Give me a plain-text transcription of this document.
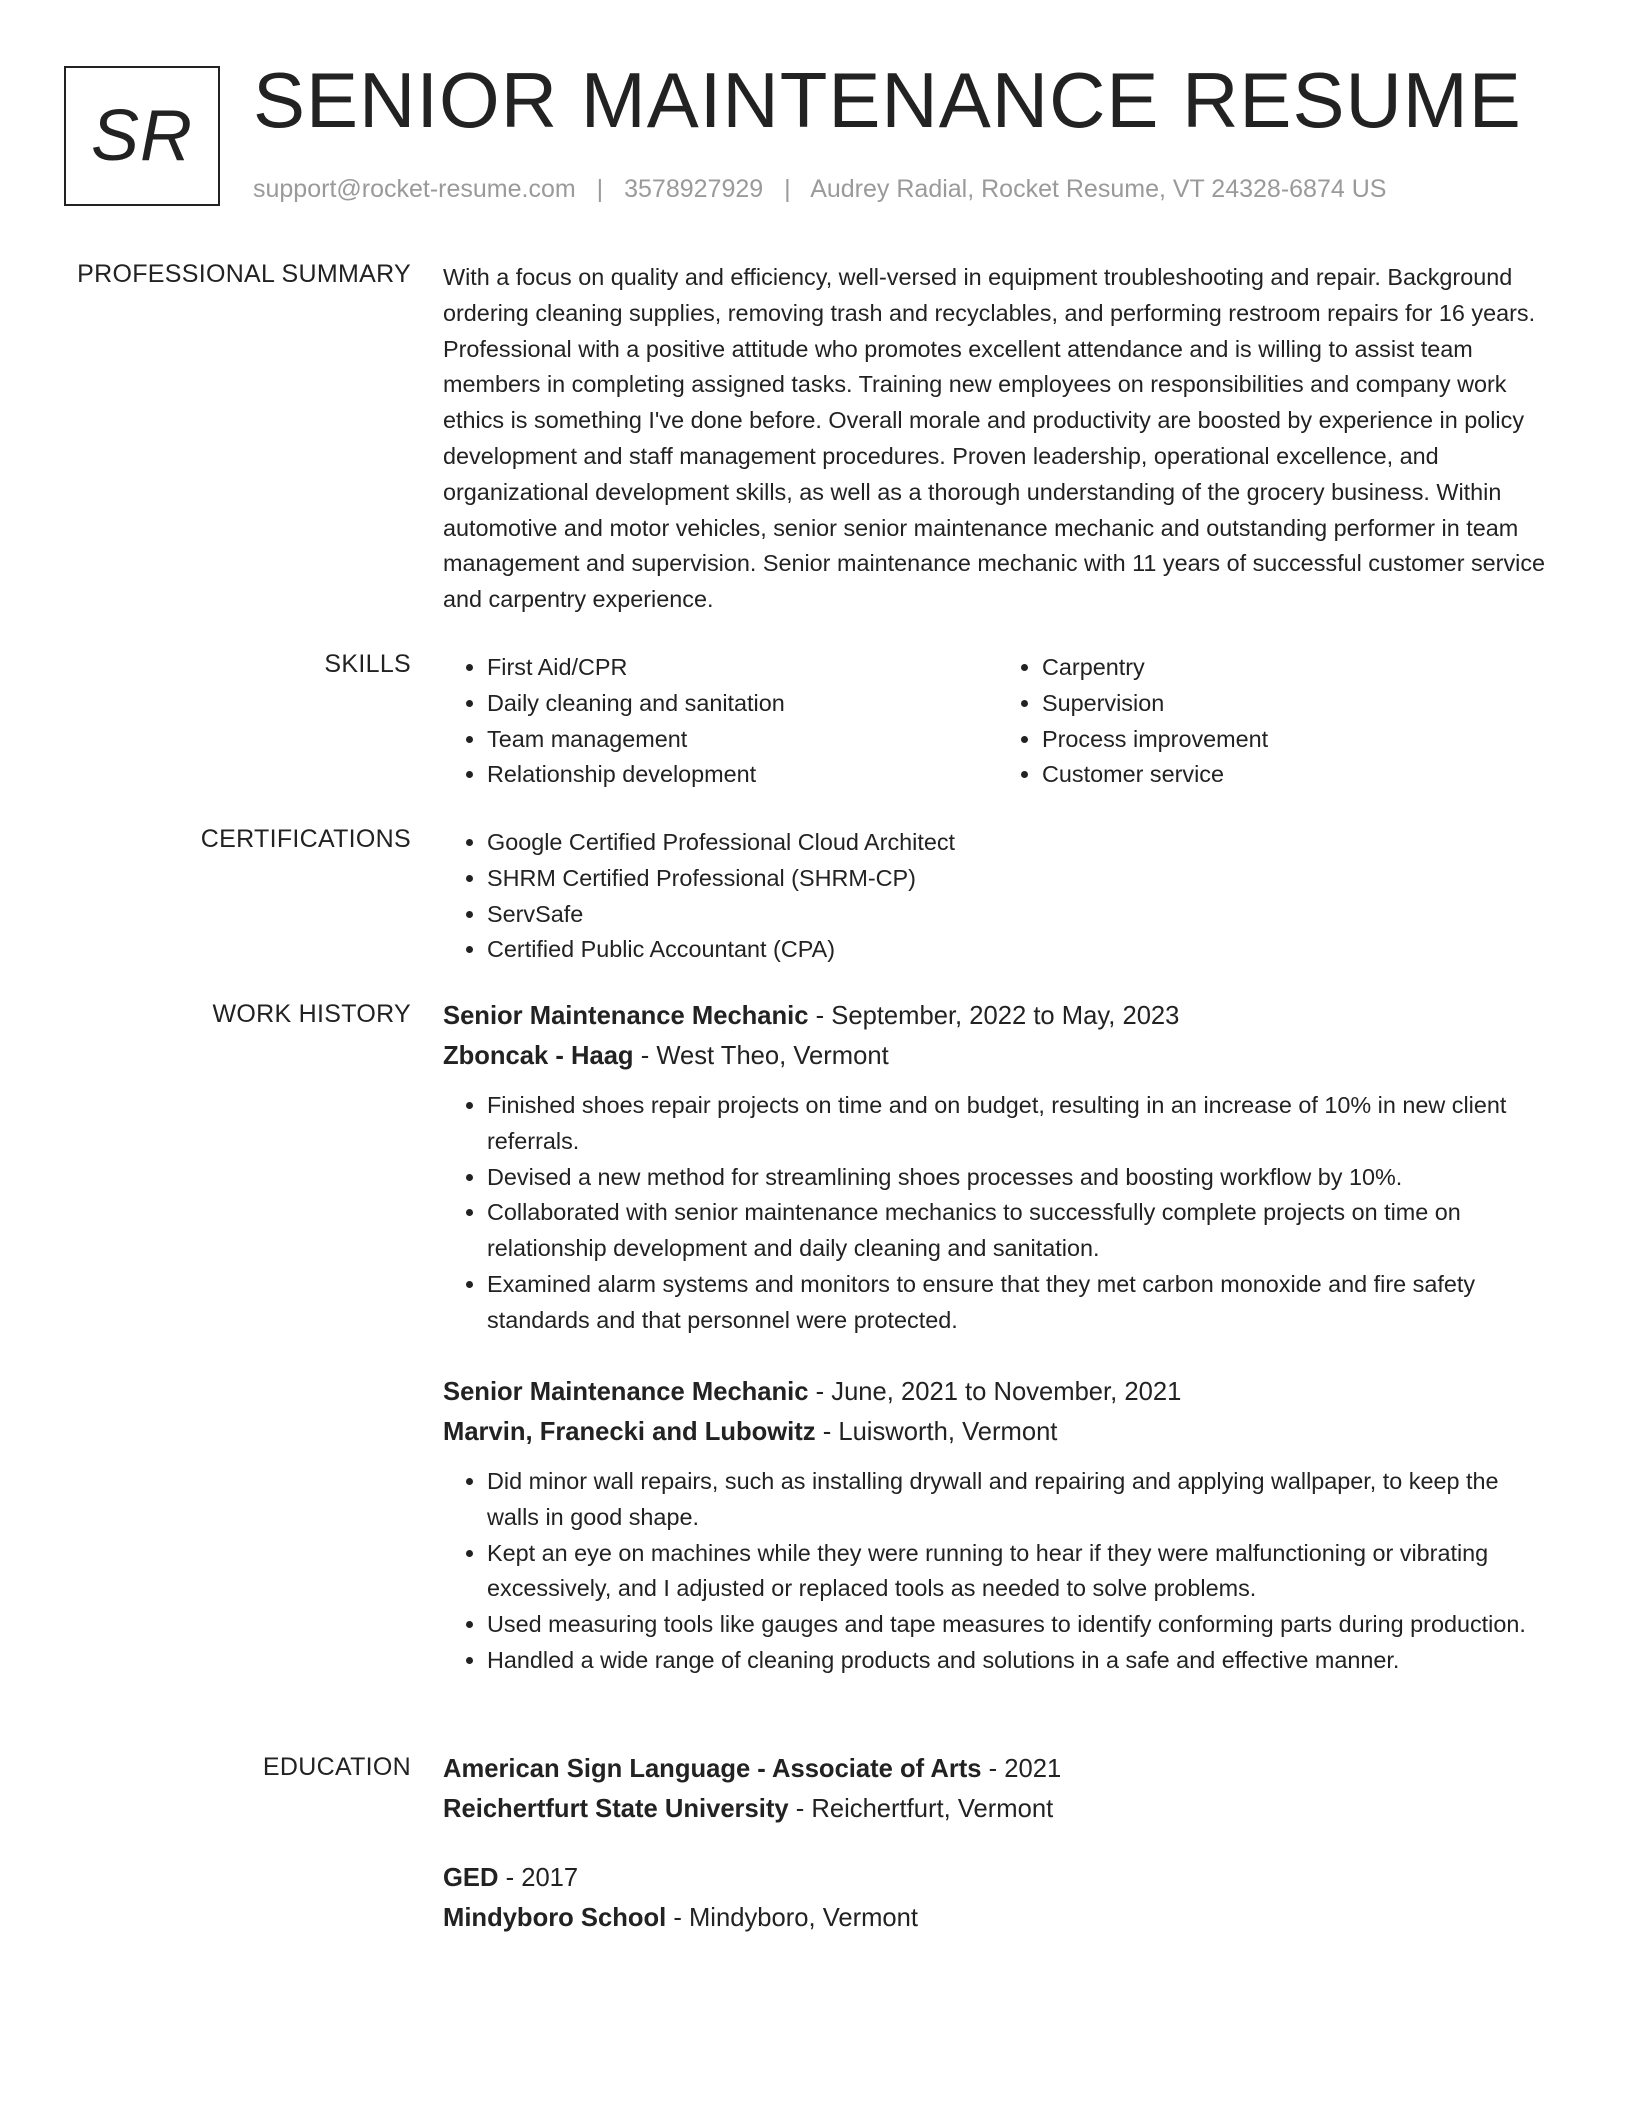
SR SENIOR MAINTENANCE RESUME
support@rocket-resume.com | 3578927929 | Audrey Radial, Rocket Resume, VT 24328-6874 US
PROFESSIONAL SUMMARY With a focus on quality and efficiency, well-versed in equipment troubleshooting and repair. Background ordering cleaning supplies, removing trash and recyclables, and performing restroom repairs for 16 years. Professional with a positive attitude who promotes excellent attendance and is willing to assist team members in completing assigned tasks. Training new employees on responsibilities and company work ethics is something I've done before. Overall morale and productivity are boosted by experience in policy development and staff management procedures. Proven leadership, operational excellence, and organizational development skills, as well as a thorough understanding of the grocery business. Within automotive and motor vehicles, senior senior maintenance mechanic and outstanding performer in team management and supervision. Senior maintenance mechanic with 11 years of successful customer service and carpentry experience.

SKILLS	• First Aid/CPR
• Daily cleaning and sanitation
• Team management
• Relationship development
• Carpentry
• Supervision
• Process improvement
• Customer service
CERTIFICATIONS	• Google Certified Professional Cloud Architect
• SHRM Certified Professional (SHRM-CP)
• ServSafe
• Certified Public Accountant (CPA)
WORK HISTORY Senior Maintenance Mechanic - September, 2022 to May, 2023
Zboncak - Haag - West Theo, Vermont
• Finished shoes repair projects on time and on budget, resulting in an increase of 10% in new client referrals.
• Devised a new method for streamlining shoes processes and boosting workflow by 10%.
• Collaborated with senior maintenance mechanics to successfully complete projects on time on relationship development and daily cleaning and sanitation.
• Examined alarm systems and monitors to ensure that they met carbon monoxide and fire safety standards and that personnel were protected.
Senior Maintenance Mechanic - June, 2021 to November, 2021
Marvin, Franecki and Lubowitz - Luisworth, Vermont
• Did minor wall repairs, such as installing drywall and repairing and applying wallpaper, to keep the walls in good shape.
• Kept an eye on machines while they were running to hear if they were malfunctioning or vibrating excessively, and I adjusted or replaced tools as needed to solve problems.
• Used measuring tools like gauges and tape measures to identify conforming parts during production.
• Handled a wide range of cleaning products and solutions in a safe and effective manner.
EDUCATION American Sign Language - Associate of Arts - 2021
Reichertfurt State University - Reichertfurt, Vermont
GED - 2017
Mindyboro School - Mindyboro, Vermont
